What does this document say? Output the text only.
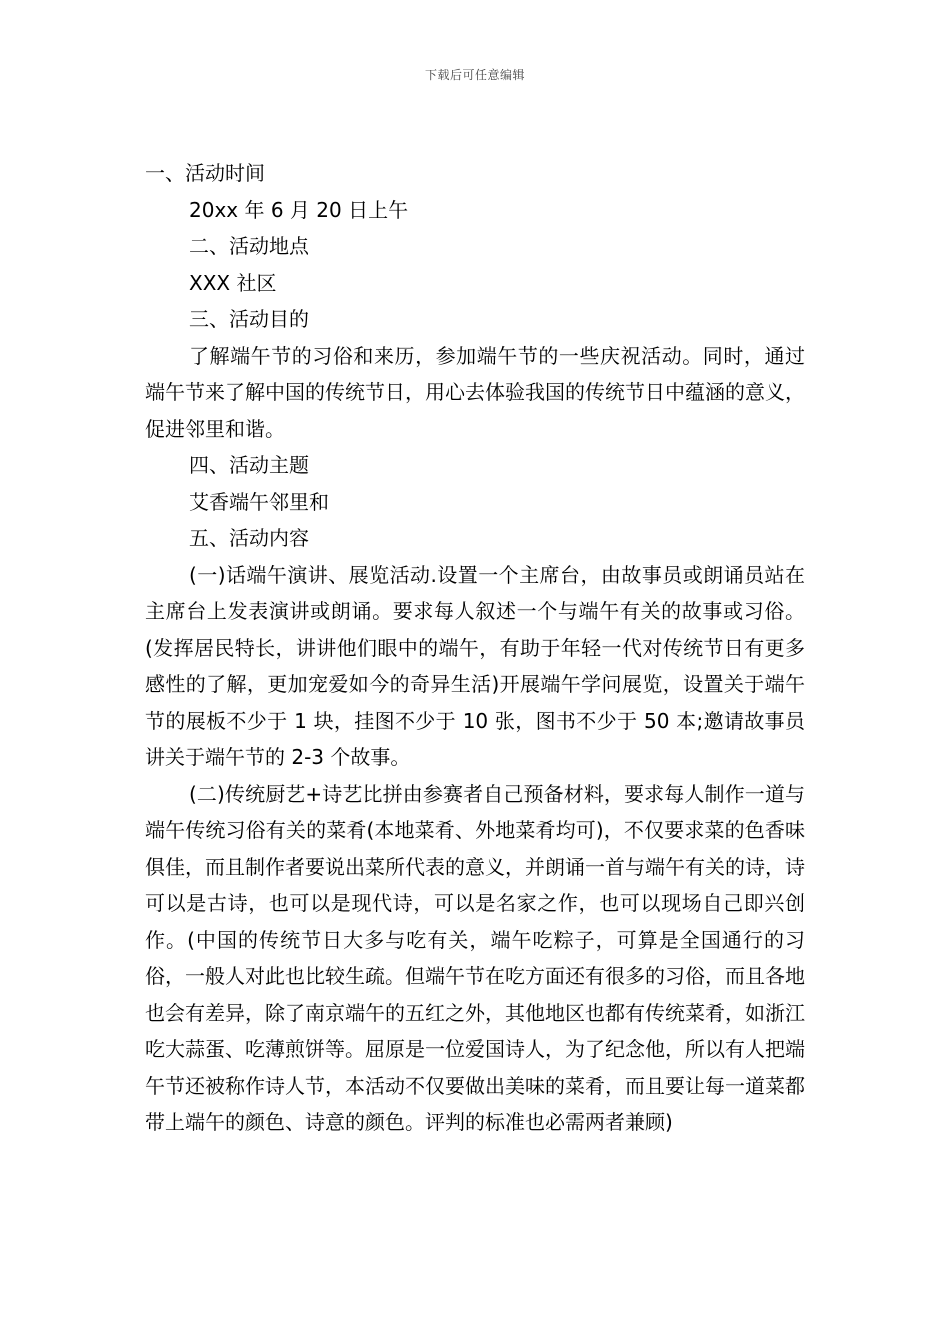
下载后可任意编辑
一、活动时间
20xx 年 6 月 20 日上午
二、活动地点
XXX 社区
三、活动目的
了解端午节的习俗和来历，参加端午节的一些庆祝活动。同时，通过端午节来了解中国的传统节日，用心去体验我国的传统节日中蕴涵的意义，促进邻里和谐。
四、活动主题
艾香端午邻里和
五、活动内容
(一)话端午演讲、展览活动.设置一个主席台，由故事员或朗诵员站在主席台上发表演讲或朗诵。要求每人叙述一个与端午有关的故事或习俗。(发挥居民特长，讲讲他们眼中的端午，有助于年轻一代对传统节日有更多感性的了解，更加宠爱如今的奇异生活)开展端午学问展览，设置关于端午节的展板不少于 1 块，挂图不少于 10 张，图书不少于 50 本;邀请故事员讲关于端午节的 2-3 个故事。
(二)传统厨艺+诗艺比拼由参赛者自己预备材料，要求每人制作一道与端午传统习俗有关的菜肴(本地菜肴、外地菜肴均可)，不仅要求菜的色香味俱佳，而且制作者要说出菜所代表的意义，并朗诵一首与端午有关的诗，诗可以是古诗，也可以是现代诗，可以是名家之作，也可以现场自己即兴创作。(中国的传统节日大多与吃有关，端午吃粽子，可算是全国通行的习俗，一般人对此也比较生疏。但端午节在吃方面还有很多的习俗，而且各地也会有差异，除了南京端午的五红之外，其他地区也都有传统菜肴，如浙江吃大蒜蛋、吃薄煎饼等。屈原是一位爱国诗人，为了纪念他，所以有人把端午节还被称作诗人节，本活动不仅要做出美味的菜肴，而且要让每一道菜都带上端午的颜色、诗意的颜色。评判的标准也必需两者兼顾)
